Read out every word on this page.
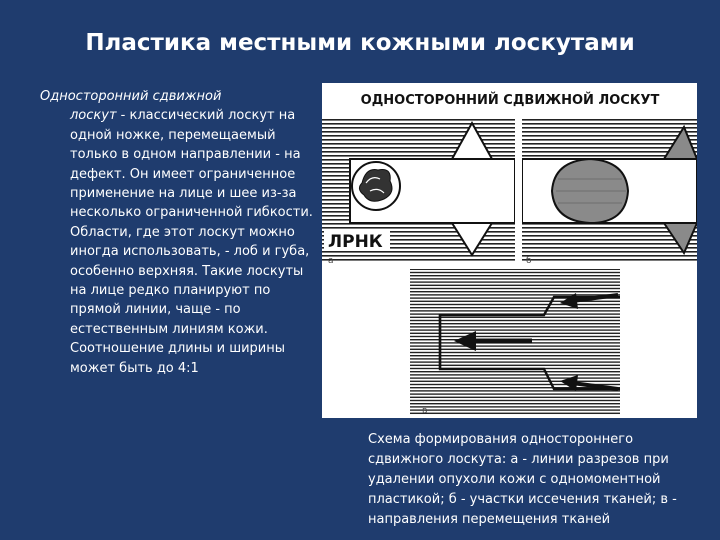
Пластика местными кожными лоскутами
Односторонний сдвижной
лоскут - классический лоскут на одной ножке, перемещаемый только в одном направлении - на дефект. Он имеет ограниченное применение на лице и шее из-за несколько ограниченной гибкости. Области, где этот лоскут можно иногда использовать, - лоб и губа, особенно верхняя. Такие лоскуты на лице редко планируют по прямой линии, чаще - по естественным линиям кожи. Соотношение длины и ширины может быть до 4:1
ОДНОСТОРОННИЙ СДВИЖНОЙ ЛОСКУТ
ЛРНК
а	б
в
Схема формирования одностороннего сдвижного лоскута: а - линии разрезов при удалении опухоли кожи с одномоментной пластикой; б - участки иссечения тканей; в - направления перемещения тканей
